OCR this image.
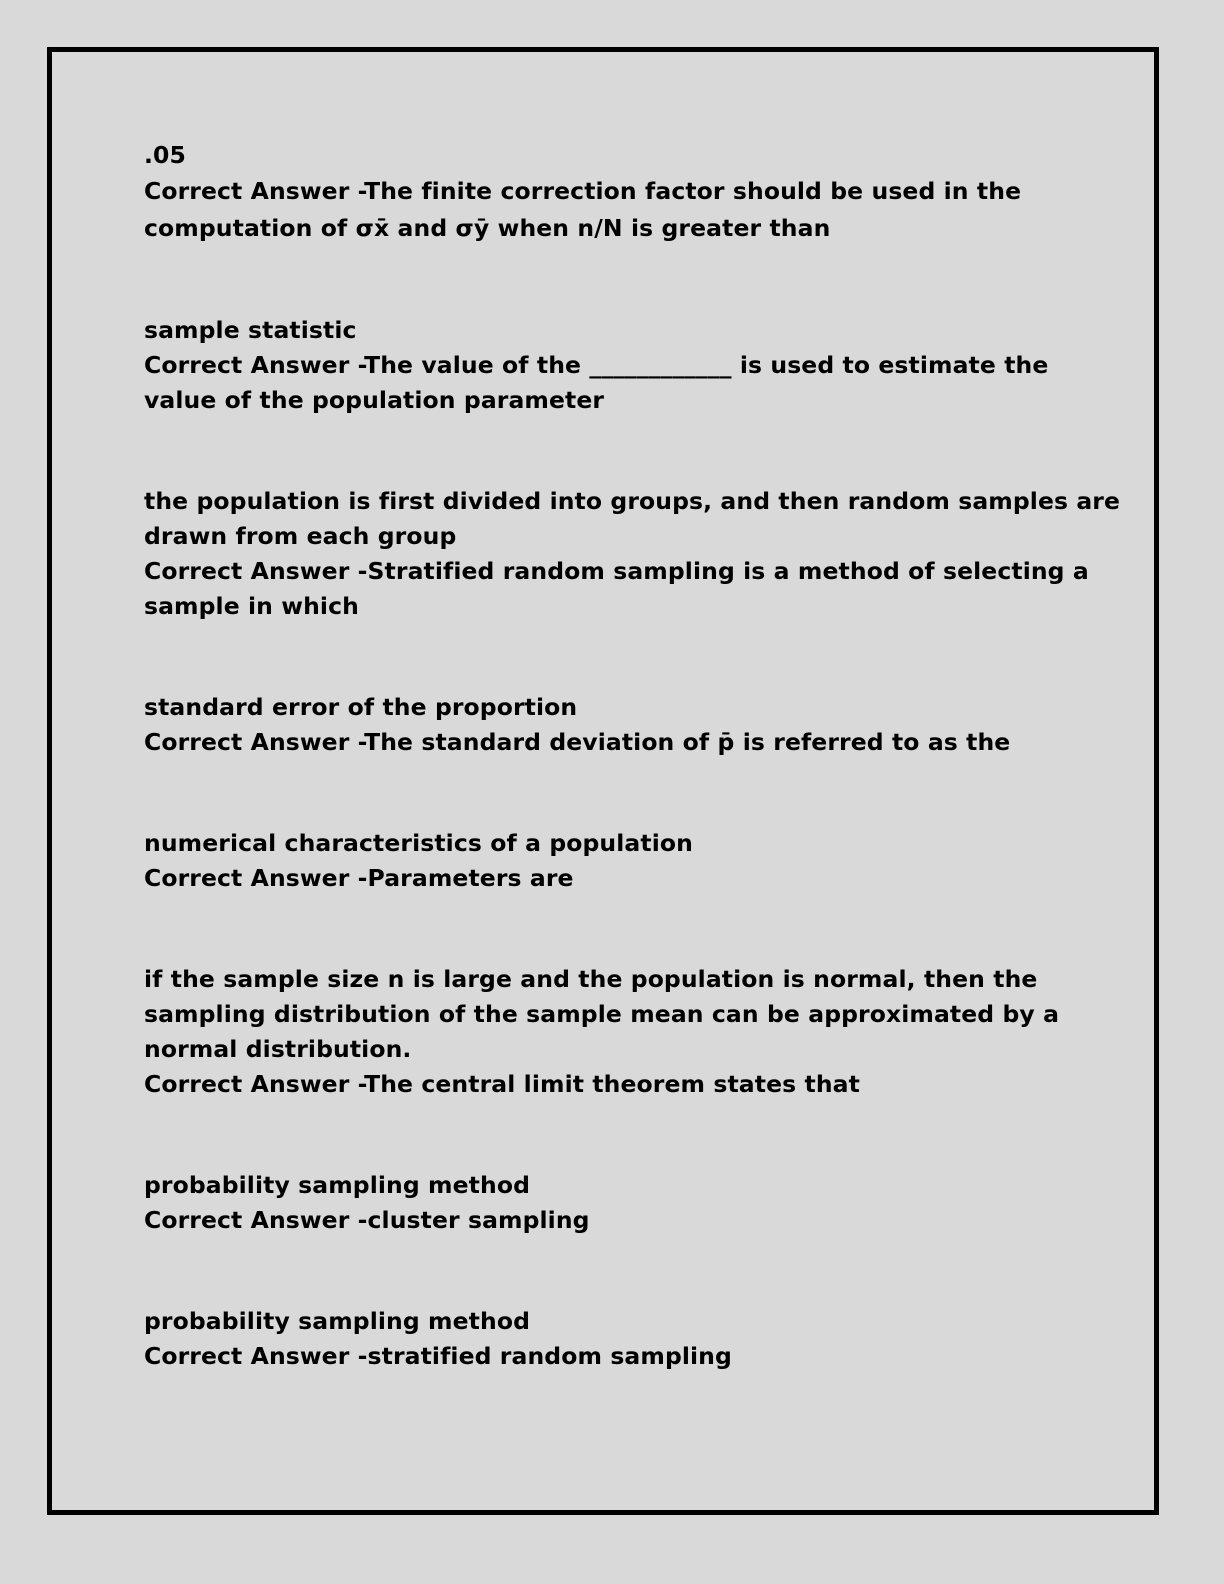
.05
Correct Answer -The finite correction factor should be used in the
computation of σx̄ and σȳ when n/N is greater than
sample statistic
Correct Answer -The value of the ____________ is used to estimate the
value of the population parameter
the population is first divided into groups, and then random samples are
drawn from each group
Correct Answer -Stratified random sampling is a method of selecting a
sample in which
standard error of the proportion
Correct Answer -The standard deviation of p̄ is referred to as the
numerical characteristics of a population
Correct Answer -Parameters are
if the sample size n is large and the population is normal, then the
sampling distribution of the sample mean can be approximated by a
normal distribution.
Correct Answer -The central limit theorem states that
probability sampling method
Correct Answer -cluster sampling
probability sampling method
Correct Answer -stratified random sampling
